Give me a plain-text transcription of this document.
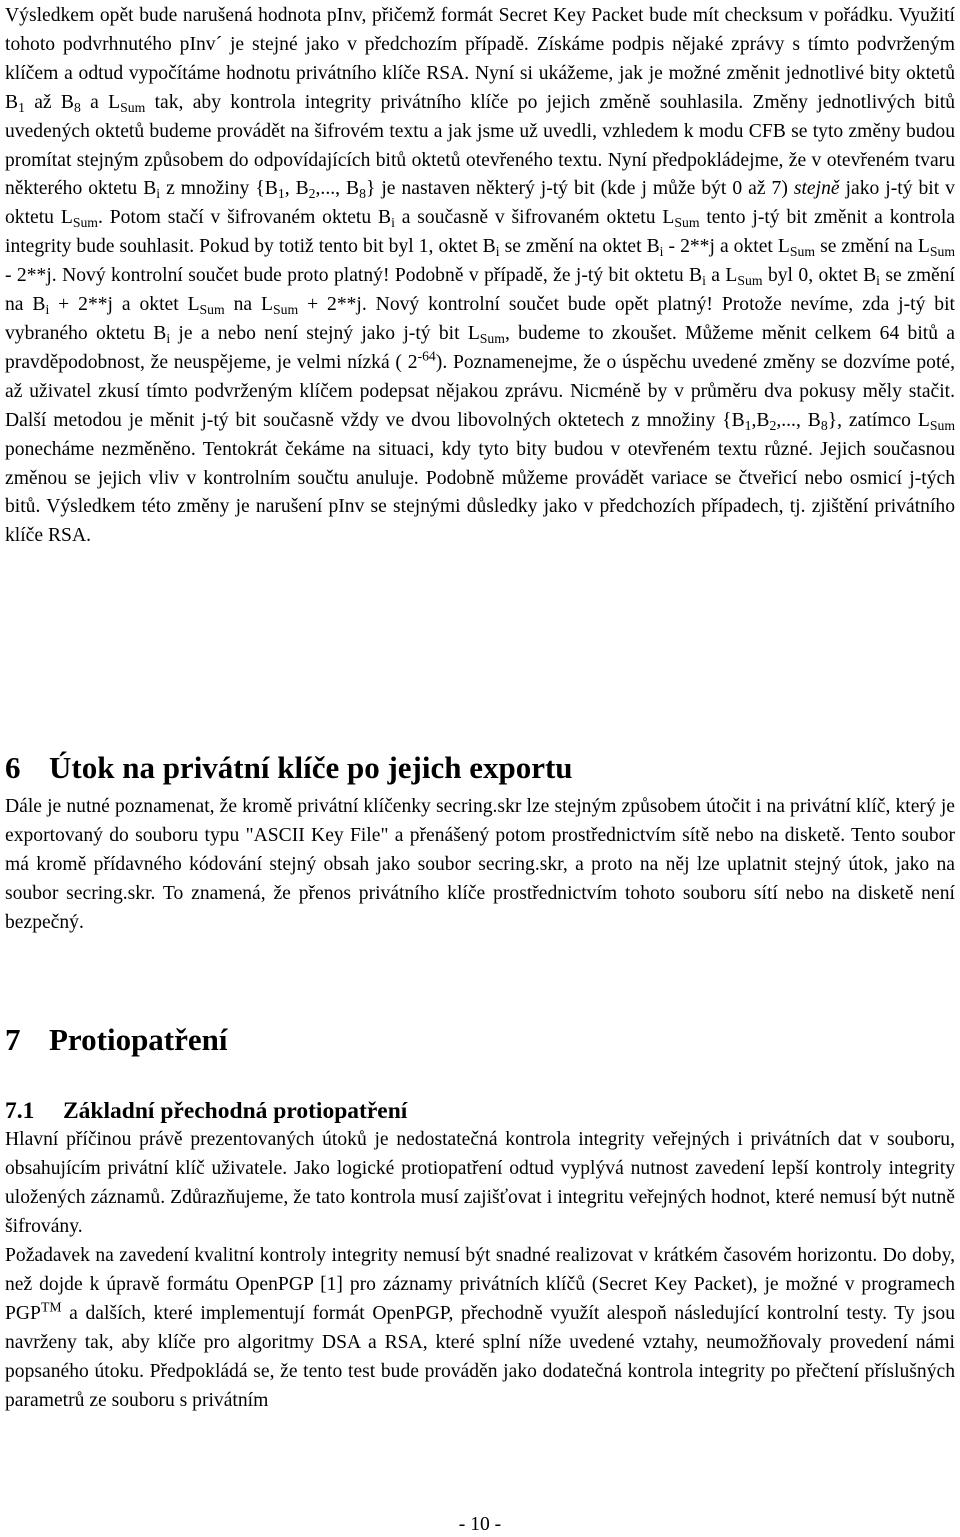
Výsledkem opět bude narušená hodnota pInv, přičemž formát Secret Key Packet bude mít checksum v pořádku. Využití tohoto podvrhnutého pInv´ je stejné jako v předchozím případě. Získáme podpis nějaké zprávy s tímto podvrženým klíčem a odtud vypočítáme hodnotu privátního klíče RSA. Nyní si ukážeme, jak je možné změnit jednotlivé bity oktetů $B_1$ až $B_8$ a $L_{Sum}$ tak, aby kontrola integrity privátního klíče po jejich změně souhlasila. Změny jednotlivých bitů uvedených oktetů budeme provádět na šifrovém textu a jak jsme už uvedli, vzhledem k modu CFB se tyto změny budou promítat stejným způsobem do odpovídajících bitů oktetů otevřeného textu. Nyní předpokládejme, že v otevřeném tvaru některého oktetu $B_i$ z množiny {$B_1$, $B_2$,..., $B_8$} je nastaven některý j-tý bit (kde j může být 0 až 7) stejně jako j-tý bit v oktetu $L_{Sum}$. Potom stačí v šifrovaném oktetu $B_i$ a současně v šifrovaném oktetu $L_{Sum}$ tento j-tý bit změnit a kontrola integrity bude souhlasit. Pokud by totiž tento bit byl 1, oktet $B_i$ se změní na oktet $B_i - 2**j$ a oktet $L_{Sum}$ se změní na $L_{Sum} - 2**j$. Nový kontrolní součet bude proto platný! Podobně v případě, že j-tý bit oktetu $B_i$ a $L_{Sum}$ byl 0, oktet $B_i$ se změní na $B_i + 2**j$ a oktet $L_{Sum}$ na $L_{Sum} + 2**j$. Nový kontrolní součet bude opět platný! Protože nevíme, zda j-tý bit vybraného oktetu $B_i$ je a nebo není stejný jako j-tý bit $L_{Sum}$, budeme to zkoušet. Můžeme měnit celkem 64 bitů a pravděpodobnost, že neuspějeme, je velmi nízká ( $2^{-64}$). Poznamenejme, že o úspěchu uvedené změny se dozvíme poté, až uživatel zkusí tímto podvrženým klíčem podepsat nějakou zprávu. Nicméně by v průměru dva pokusy měly stačit. Další metodou je měnit j-tý bit současně vždy ve dvou libovolných oktetech z množiny {$B_1,B_2$,..., $B_8$}, zatímco $L_{Sum}$ ponecháme nezměněno. Tentokrát čekáme na situaci, kdy tyto bity budou v otevřeném textu různé. Jejich současnou změnou se jejich vliv v kontrolním součtu anuluje. Podobně můžeme provádět variace se čtveřicí nebo osmicí j-tých bitů. Výsledkem této změny je narušení pInv se stejnými důsledky jako v předchozích případech, tj. zjištění privátního klíče RSA.
6 Útok na privátní klíče po jejich exportu
Dále je nutné poznamenat, že kromě privátní klíčenky secring.skr lze stejným způsobem útočit i na privátní klíč, který je exportovaný do souboru typu "ASCII Key File" a přenášený potom prostřednictvím sítě nebo na disketě. Tento soubor má kromě přídavného kódování stejný obsah jako soubor secring.skr, a proto na něj lze uplatnit stejný útok, jako na soubor secring.skr. To znamená, že přenos privátního klíče prostřednictvím tohoto souboru sítí nebo na disketě není bezpečný.
7 Protiopatření
7.1 Základní přechodná protiopatření
Hlavní příčinou právě prezentovaných útoků je nedostatečná kontrola integrity veřejných i privátních dat v souboru, obsahujícím privátní klíč uživatele. Jako logické protiopatření odtud vyplývá nutnost zavedení lepší kontroly integrity uložených záznamů. Zdůrazňujeme, že tato kontrola musí zajišťovat i integritu veřejných hodnot, které nemusí být nutně šifrovány.
Požadavek na zavedení kvalitní kontroly integrity nemusí být snadné realizovat v krátkém časovém horizontu. Do doby, než dojde k úpravě formátu OpenPGP [1] pro záznamy privátních klíčů (Secret Key Packet), je možné v programech PGP™ a dalších, které implementují formát OpenPGP, přechodně využít alespoň následující kontrolní testy. Ty jsou navrženy tak, aby klíče pro algoritmy DSA a RSA, které splní níže uvedené vztahy, neumožňovaly provedení námi popsaného útoku. Předpokládá se, že tento test bude prováděn jako dodatečná kontrola integrity po přečtení příslušných parametrů ze souboru s privátním
- 10 -
